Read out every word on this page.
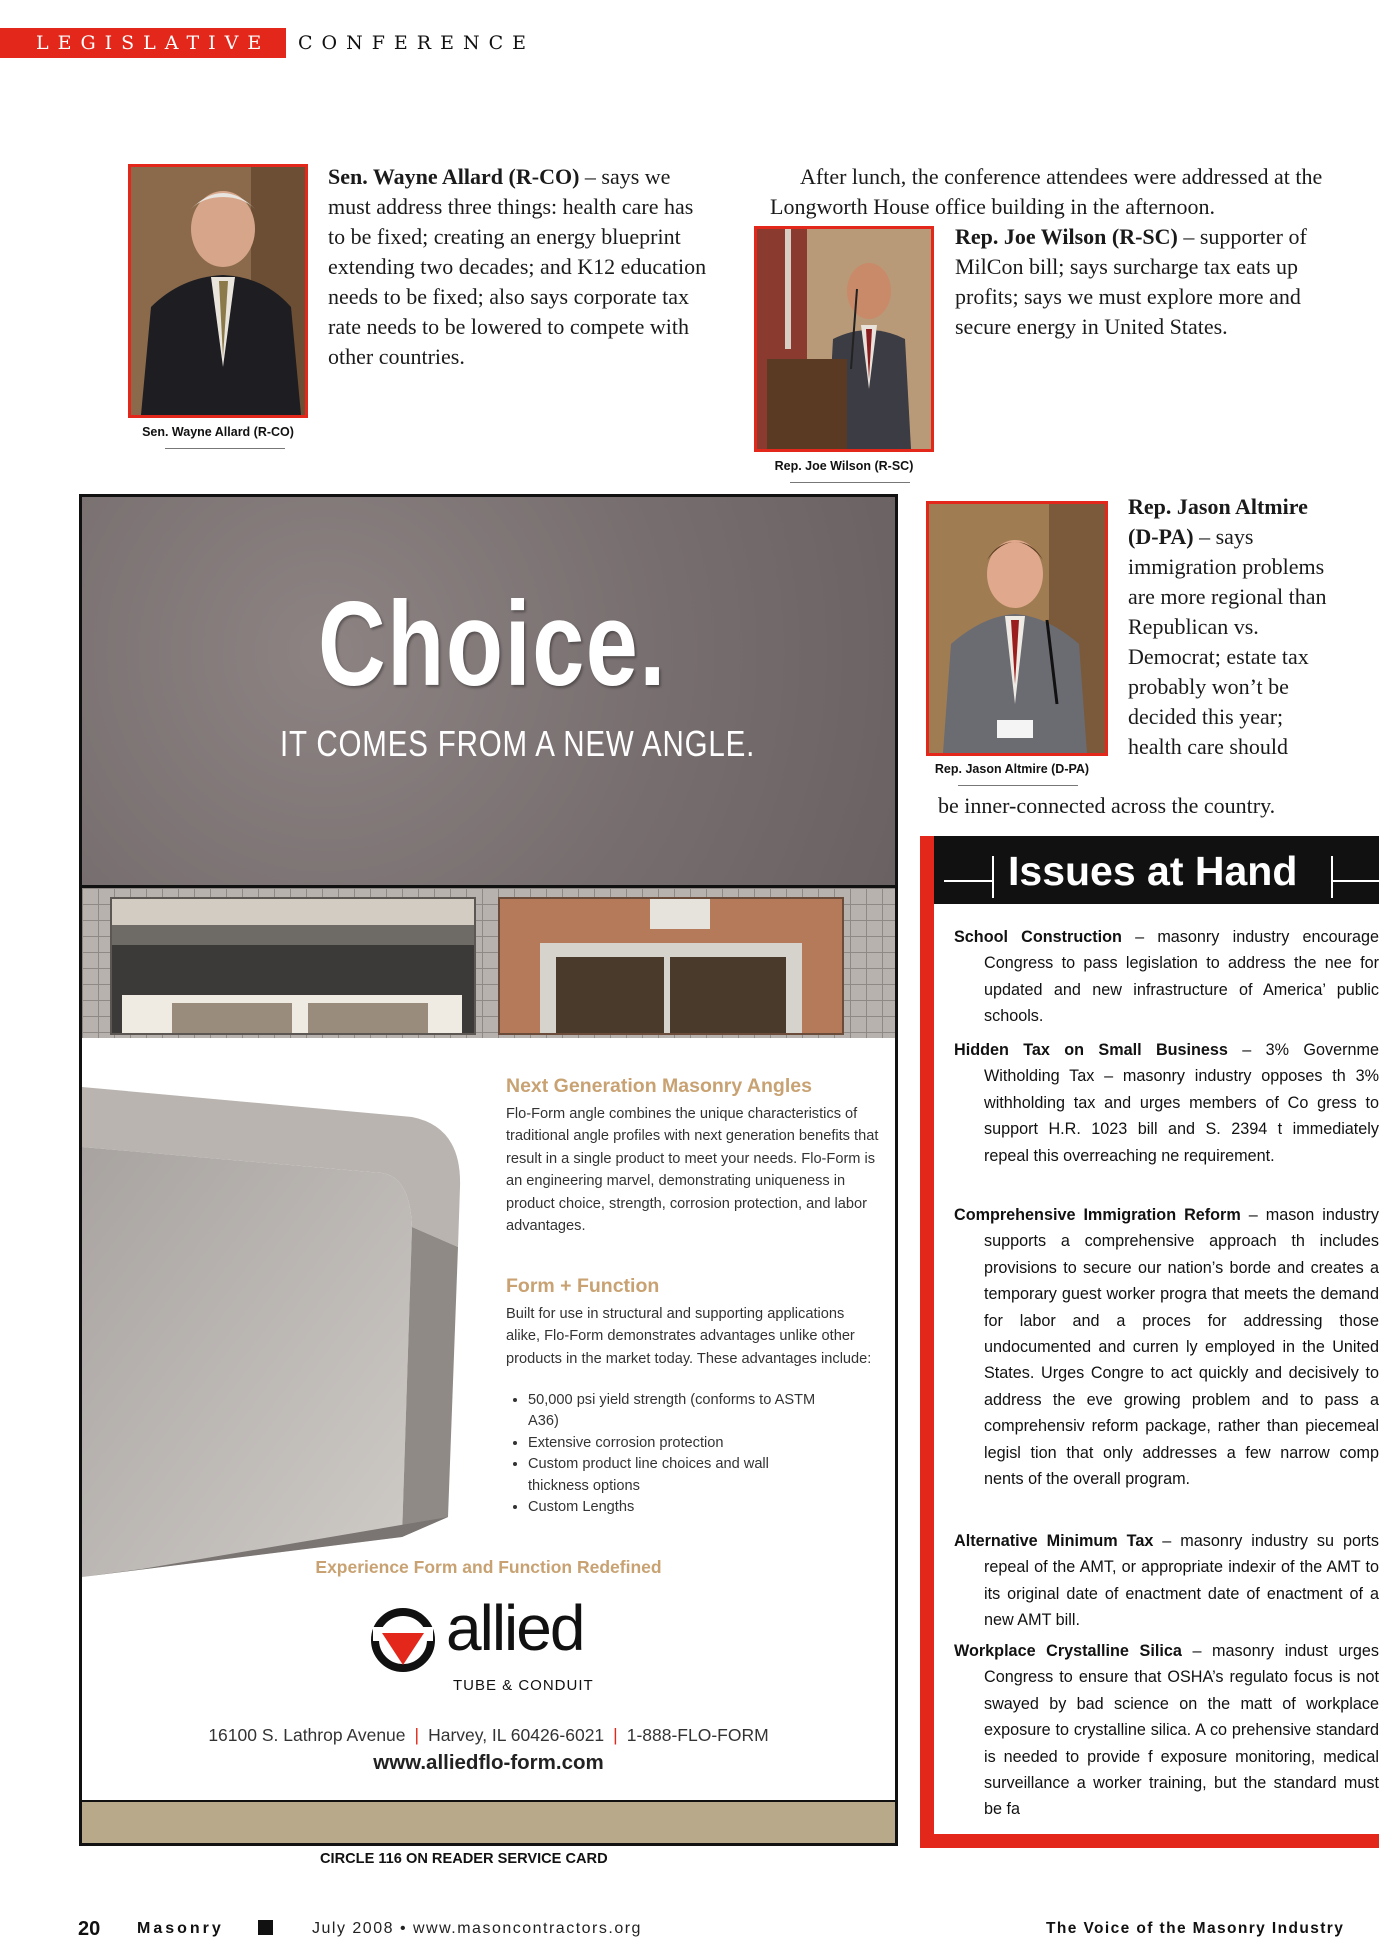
LEGISLATIVE	CONFERENCE
Sen. Wayne Allard (R-CO)
Sen. Wayne Allard (R-CO) – says we must address three things: health care has to be fixed; creating an energy blueprint extending two decades; and K12 education needs to be fixed; also says corporate tax rate needs to be lowered to compete with other countries.
After lunch, the conference attendees were addressed at the
Longworth House office building in the afternoon.
Rep. Joe Wilson (R-SC)
Rep. Joe Wilson (R-SC) – supporter of MilCon bill; says surcharge tax eats up profits; says we must explore more and secure energy in United States.
Rep. Jason Altmire (D-PA)
Rep. Jason Altmire (D-PA) – says immigration problems are more regional than Republican vs. Democrat; estate tax probably won’t be decided this year; health care should
be inner-connected across the country.
Choice.
IT COMES FROM A NEW ANGLE.
Next Generation Masonry Angles
Flo-Form angle combines the unique characteristics of traditional angle profiles with next generation benefits that result in a single product to meet your needs. Flo-Form is an engineering marvel, demonstrating uniqueness in product choice, strength, corrosion protection, and labor advantages.
Form + Function
Built for use in structural and supporting applications alike, Flo-Form demonstrates advantages unlike other products in the market today. These advantages include:
• 50,000 psi yield strength (conforms to ASTM A36)
• Extensive corrosion protection
• Custom product line choices and wall thickness options
• Custom Lengths
Experience Form and Function Redefined
allied
TUBE & CONDUIT
16100 S. Lathrop Avenue | Harvey, IL 60426-6021 | 1-888-FLO-FORM
www.alliedflo-form.com
CIRCLE 116 ON READER SERVICE CARD
Issues at Hand
School Construction – masonry industry encourage Congress to pass legislation to address the nee for updated and new infrastructure of America’ public schools.
Hidden Tax on Small Business – 3% Governme Witholding Tax – masonry industry opposes th 3% withholding tax and urges members of Co gress to support H.R. 1023 bill and S. 2394 t immediately repeal this overreaching ne requirement.
Comprehensive Immigration Reform – mason industry supports a comprehensive approach th includes provisions to secure our nation’s borde and creates a temporary guest worker progra that meets the demand for labor and a proces for addressing those undocumented and curren ly employed in the United States. Urges Congre to act quickly and decisively to address the eve growing problem and to pass a comprehensiv reform package, rather than piecemeal legisl tion that only addresses a few narrow comp nents of the overall program.
Alternative Minimum Tax – masonry industry su ports repeal of the AMT, or appropriate indexir of the AMT to its original date of enactment date of enactment of a new AMT bill.
Workplace Crystalline Silica – masonry indust urges Congress to ensure that OSHA’s regulato focus is not swayed by bad science on the matt of workplace exposure to crystalline silica. A co prehensive standard is needed to provide f exposure monitoring, medical surveillance a worker training, but the standard must be fa
20 Masonry	July 2008 • www.masoncontractors.org	The Voice of the Masonry Industry
